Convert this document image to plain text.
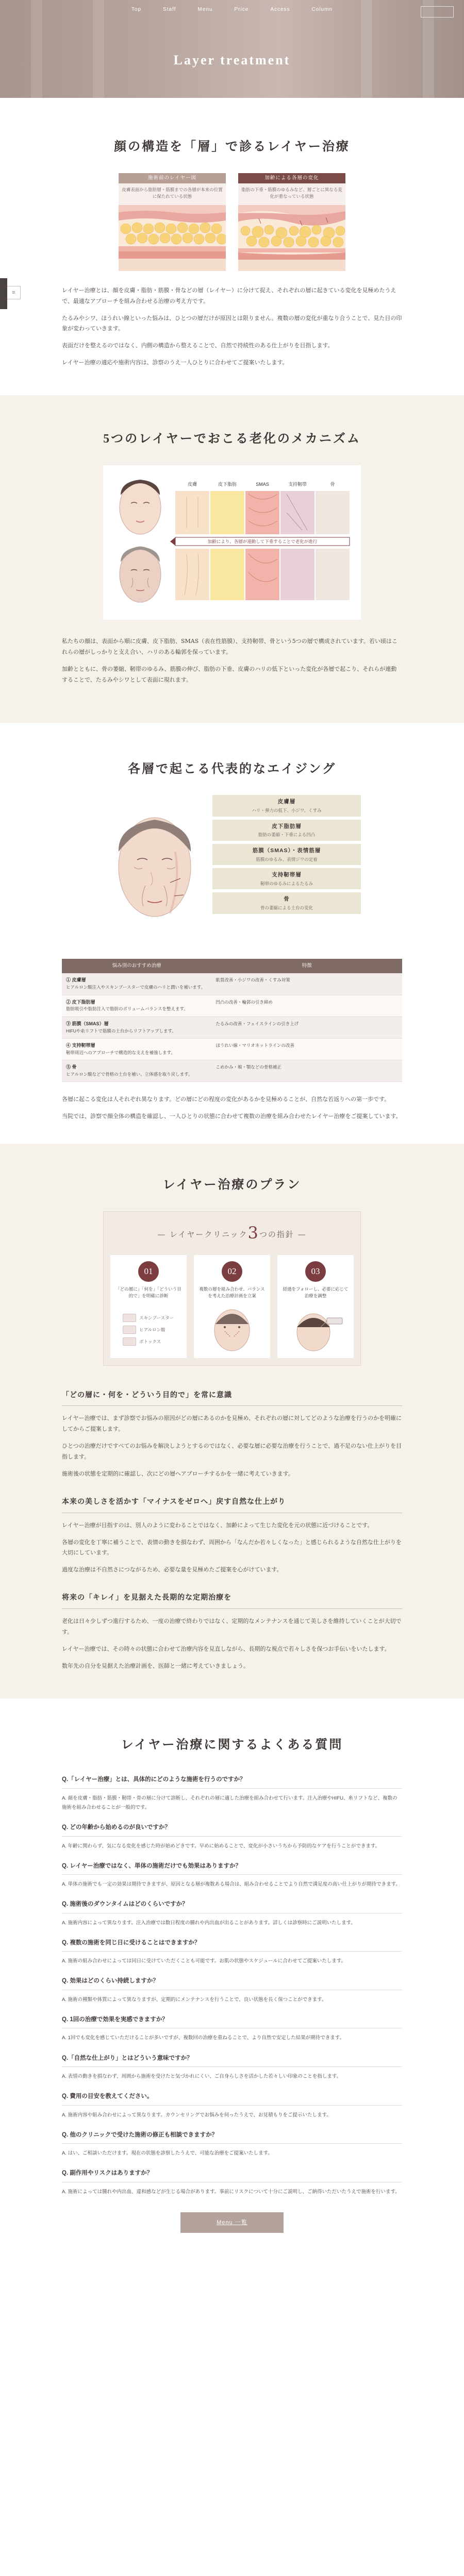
Top	Staff	Menu	Price	Access	Column
Layer treatment
≡
顔の構造を「層」で診るレイヤー治療
施術前のレイヤー図
皮膚表面から脂肪層・筋膜までの各層が本来の位置に保たれている状態
加齢による各層の変化
脂肪の下垂・筋膜のゆるみなど、層ごとに異なる変化が重なっている状態

レイヤー治療とは、顔を皮膚・脂肪・筋膜・骨などの層（レイヤー）に分けて捉え、それぞれの層に起きている変化を見極めたうえで、最適なアプローチを組み合わせる治療の考え方です。

たるみやシワ、ほうれい線といった悩みは、ひとつの層だけが原因とは限りません。複数の層の変化が重なり合うことで、見た目の印象が変わっていきます。

表面だけを整えるのではなく、内側の構造から整えることで、自然で持続性のある仕上がりを目指します。

レイヤー治療の適応や施術内容は、診察のうえ一人ひとりに合わせてご提案いたします。

5つのレイヤーでおこる老化のメカニズム
皮膚	皮下脂肪	SMAS	支持靭帯	骨
加齢により、各層が連動して下垂することで老化が進行

私たちの顔は、表面から順に皮膚、皮下脂肪、SMAS（表在性筋膜）、支持靭帯、骨という5つの層で構成されています。若い頃はこれらの層がしっかりと支え合い、ハリのある輪郭を保っています。

加齢とともに、骨の萎縮、靭帯のゆるみ、筋膜の伸び、脂肪の下垂、皮膚のハリの低下といった変化が各層で起こり、それらが連動することで、たるみやシワとして表面に現れます。

各層で起こる代表的なエイジング
皮膚層
ハリ・弾力の低下、小ジワ、くすみ
皮下脂肪層
脂肪の萎縮・下垂による凹凸
筋膜（SMAS）・表情筋層
筋膜のゆるみ、表情ジワの定着
支持靭帯層
靭帯のゆるみによるたるみ
骨
骨の萎縮による土台の変化
悩み別のおすすめ治療	特徴

① 皮膚層
ヒアルロン酸注入やスキンブースターで皮膚のハリと潤いを補います。	肌質改善・小ジワの改善・くすみ対策

② 皮下脂肪層
脂肪吸引や脂肪注入で脂肪のボリュームバランスを整えます。	凹凸の改善・輪郭の引き締め

③ 筋膜（SMAS）層
HIFUや糸リフトで筋膜の土台からリフトアップします。	たるみの改善・フェイスラインの引き上げ

④ 支持靭帯層
靭帯周辺へのアプローチで構造的な支えを補強します。	ほうれい線・マリオネットラインの改善

⑤ 骨
ヒアルロン酸などで骨格の土台を補い、立体感を取り戻します。	こめかみ・頬・顎などの骨格補正

各層に起こる変化は人それぞれ異なります。どの層にどの程度の変化があるかを見極めることが、自然な若返りへの第一歩です。

当院では、診察で顔全体の構造を確認し、一人ひとりの状態に合わせて複数の治療を組み合わせたレイヤー治療をご提案しています。

レイヤー治療のプラン
— レイヤークリニック3つの指針 —
01
「どの層に」「何を」「どういう目的で」を明確に診断
スキンブースター
ヒアルロン酸
ボトックス
02
複数の層を組み合わせ、バランスを考えた治療計画を立案
03
経過をフォローし、必要に応じて治療を調整
「どの層に・何を・どういう目的で」を常に意識

レイヤー治療では、まず診察でお悩みの原因がどの層にあるのかを見極め、それぞれの層に対してどのような治療を行うのかを明確にしてからご提案します。

ひとつの治療だけですべてのお悩みを解決しようとするのではなく、必要な層に必要な治療を行うことで、過不足のない仕上がりを目指します。

施術後の状態を定期的に確認し、次にどの層へアプローチするかを一緒に考えていきます。

本来の美しさを活かす「マイナスをゼロへ」戻す自然な仕上がり

レイヤー治療が目指すのは、別人のように変わることではなく、加齢によって生じた変化を元の状態に近づけることです。

各層の変化を丁寧に補うことで、表情の動きを損なわず、周囲から「なんだか若々しくなった」と感じられるような自然な仕上がりを大切にしています。

過度な治療は不自然さにつながるため、必要な量を見極めたご提案を心がけています。

将来の「キレイ」を見据えた長期的な定期治療を

老化は日々少しずつ進行するため、一度の治療で終わりではなく、定期的なメンテナンスを通じて美しさを維持していくことが大切です。

レイヤー治療では、その時々の状態に合わせて治療内容を見直しながら、長期的な視点で若々しさを保つお手伝いをいたします。

数年先の自分を見据えた治療計画を、医師と一緒に考えていきましょう。

レイヤー治療に関するよくある質問
Q.「レイヤー治療」とは、具体的にどのような施術を行うのですか？
A. 顔を皮膚・脂肪・筋膜・靭帯・骨の層に分けて診断し、それぞれの層に適した治療を組み合わせて行います。注入治療やHIFU、糸リフトなど、複数の施術を組み合わせることが一般的です。
Q. どの年齢から始めるのが良いですか？
A. 年齢に関わらず、気になる変化を感じた時が始めどきです。早めに始めることで、変化が小さいうちから予防的なケアを行うことができます。
Q. レイヤー治療ではなく、単体の施術だけでも効果はありますか？
A. 単体の施術でも一定の効果は期待できますが、原因となる層が複数ある場合は、組み合わせることでより自然で満足度の高い仕上がりが期待できます。
Q. 施術後のダウンタイムはどのくらいですか？
A. 施術内容によって異なります。注入治療では数日程度の腫れや内出血が出ることがあります。詳しくは診察時にご説明いたします。
Q. 複数の施術を同じ日に受けることはできますか？
A. 施術の組み合わせによっては同日に受けていただくことも可能です。お肌の状態やスケジュールに合わせてご提案いたします。
Q. 効果はどのくらい持続しますか？
A. 施術の種類や体質によって異なりますが、定期的にメンテナンスを行うことで、良い状態を長く保つことができます。
Q. 1回の治療で効果を実感できますか？
A. 1回でも変化を感じていただけることが多いですが、複数回の治療を重ねることで、より自然で安定した結果が期待できます。
Q.「自然な仕上がり」とはどういう意味ですか？
A. 表情の動きを損なわず、周囲から施術を受けたと気づかれにくい、ご自身らしさを活かした若々しい印象のことを指します。
Q. 費用の目安を教えてください。
A. 施術内容や組み合わせによって異なります。カウンセリングでお悩みを伺ったうえで、お見積もりをご提示いたします。
Q. 他のクリニックで受けた施術の修正も相談できますか？
A. はい、ご相談いただけます。現在の状態を診察したうえで、可能な治療をご提案いたします。
Q. 副作用やリスクはありますか？
A. 施術によっては腫れや内出血、違和感などが生じる場合があります。事前にリスクについて十分にご説明し、ご納得いただいたうえで施術を行います。
Menu 一覧
